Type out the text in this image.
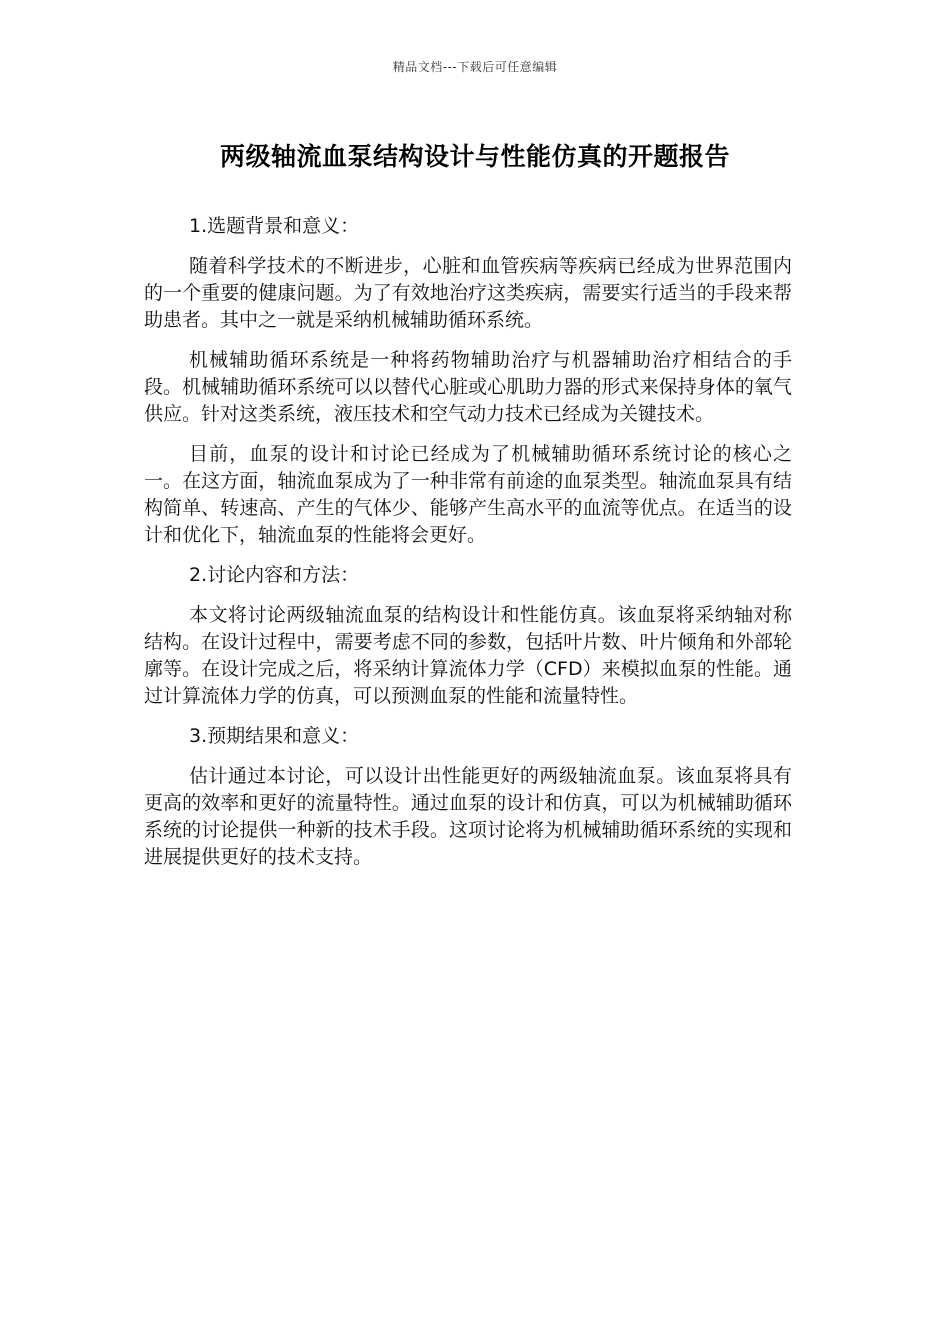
精品文档---下载后可任意编辑
两级轴流血泵结构设计与性能仿真的开题报告

1.选题背景和意义：

随着科学技术的不断进步，心脏和血管疾病等疾病已经成为世界范围内的一个重要的健康问题。为了有效地治疗这类疾病，需要实行适当的手段来帮助患者。其中之一就是采纳机械辅助循环系统。

机械辅助循环系统是一种将药物辅助治疗与机器辅助治疗相结合的手段。机械辅助循环系统可以以替代心脏或心肌助力器的形式来保持身体的氧气供应。针对这类系统，液压技术和空气动力技术已经成为关键技术。

目前，血泵的设计和讨论已经成为了机械辅助循环系统讨论的核心之一。在这方面，轴流血泵成为了一种非常有前途的血泵类型。轴流血泵具有结构简单、转速高、产生的气体少、能够产生高水平的血流等优点。在适当的设计和优化下，轴流血泵的性能将会更好。

2.讨论内容和方法：

本文将讨论两级轴流血泵的结构设计和性能仿真。该血泵将采纳轴对称结构。在设计过程中，需要考虑不同的参数，包括叶片数、叶片倾角和外部轮廓等。在设计完成之后，将采纳计算流体力学（CFD）来模拟血泵的性能。通过计算流体力学的仿真，可以预测血泵的性能和流量特性。

3.预期结果和意义：

估计通过本讨论，可以设计出性能更好的两级轴流血泵。该血泵将具有更高的效率和更好的流量特性。通过血泵的设计和仿真，可以为机械辅助循环系统的讨论提供一种新的技术手段。这项讨论将为机械辅助循环系统的实现和进展提供更好的技术支持。
